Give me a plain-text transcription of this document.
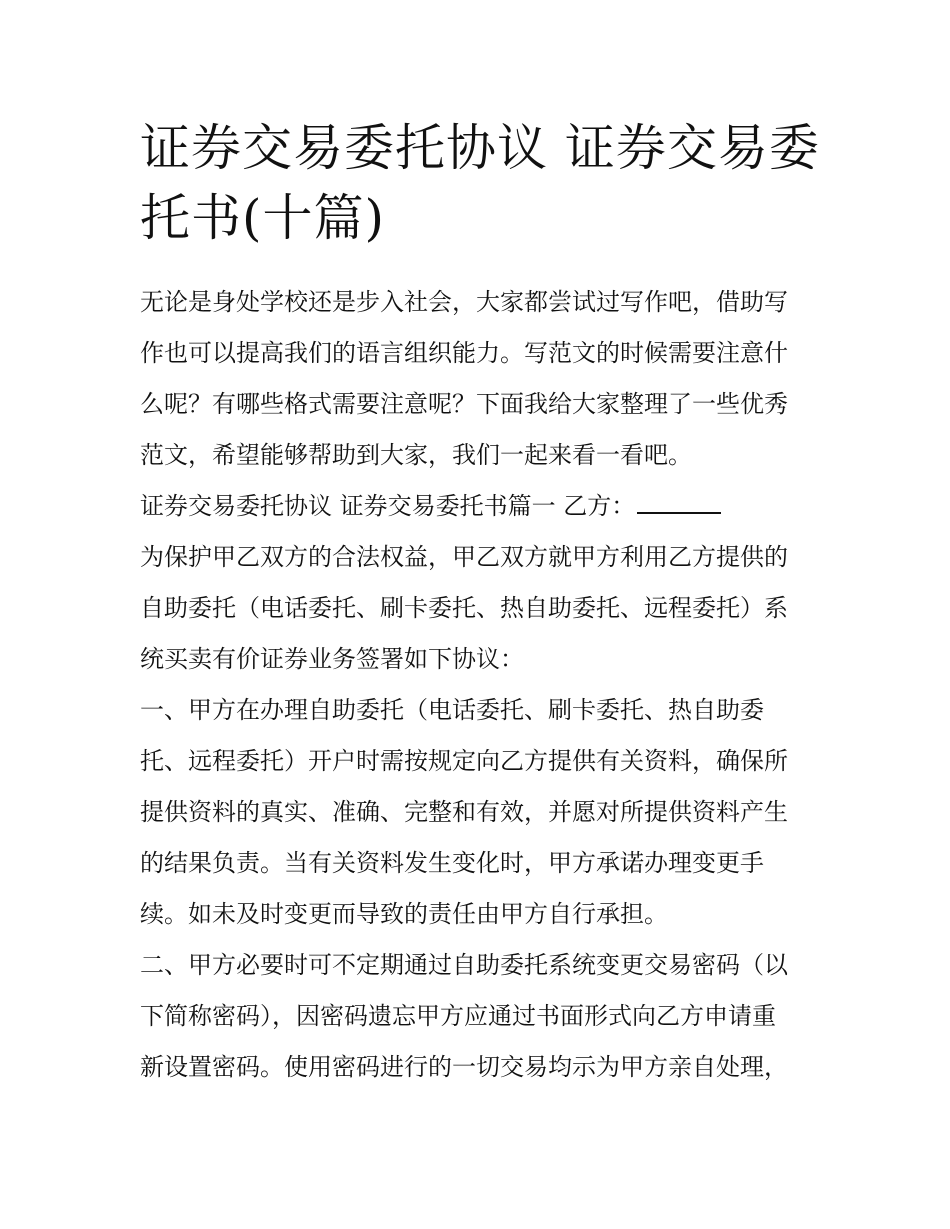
证券交易委托协议 证券交易委
托书(十篇)
无论是身处学校还是步入社会，大家都尝试过写作吧，借助写
作也可以提高我们的语言组织能力。写范文的时候需要注意什
么呢？有哪些格式需要注意呢？下面我给大家整理了一些优秀
范文，希望能够帮助到大家，我们一起来看一看吧。
证券交易委托协议 证券交易委托书篇一 乙方：
为保护甲乙双方的合法权益，甲乙双方就甲方利用乙方提供的
自助委托（电话委托、刷卡委托、热自助委托、远程委托）系
统买卖有价证券业务签署如下协议：
一、甲方在办理自助委托（电话委托、刷卡委托、热自助委
托、远程委托）开户时需按规定向乙方提供有关资料，确保所
提供资料的真实、准确、完整和有效，并愿对所提供资料产生
的结果负责。当有关资料发生变化时，甲方承诺办理变更手
续。如未及时变更而导致的责任由甲方自行承担。
二、甲方必要时可不定期通过自助委托系统变更交易密码（以
下简称密码），因密码遗忘甲方应通过书面形式向乙方申请重
新设置密码。使用密码进行的一切交易均示为甲方亲自处理，
